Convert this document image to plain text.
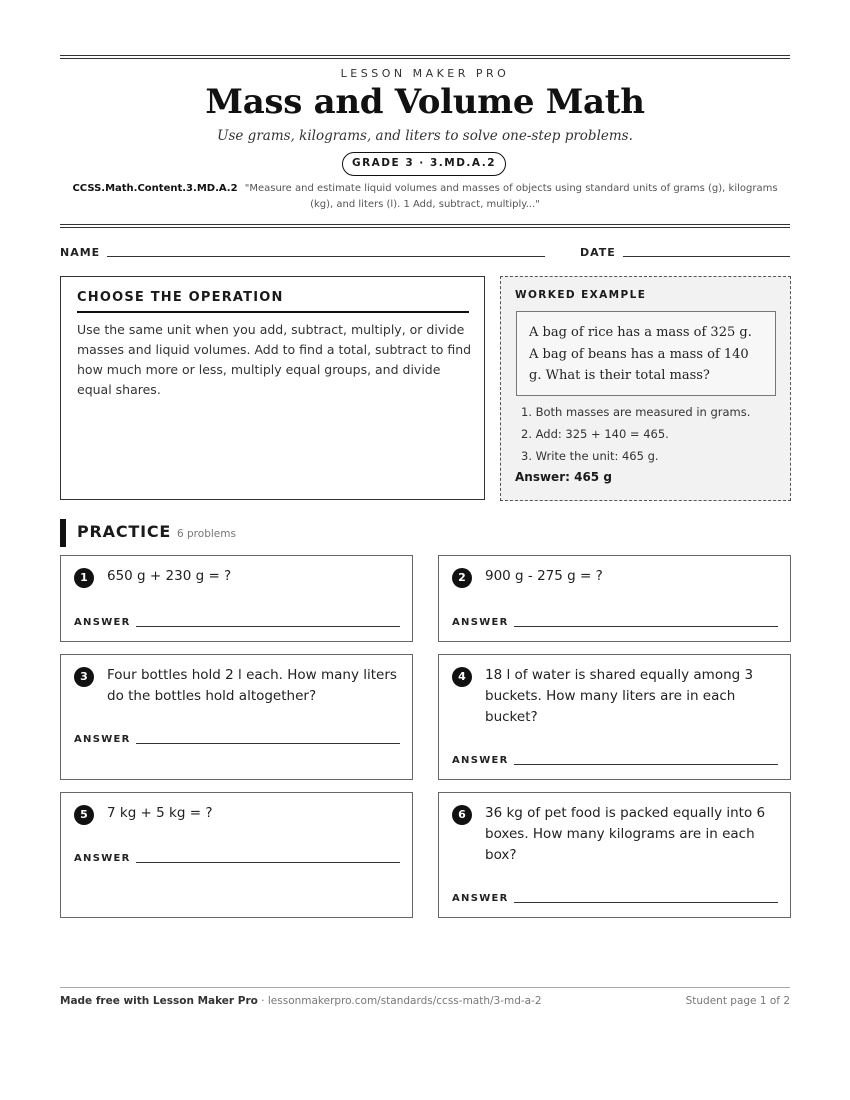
LESSON MAKER PRO
Mass and Volume Math
Use grams, kilograms, and liters to solve one-step problems.
GRADE 3 · 3.MD.A.2
CCSS.Math.Content.3.MD.A.2 "Measure and estimate liquid volumes and masses of objects using standard units of grams (g), kilograms (kg), and liters (l). 1 Add, subtract, multiply..."
NAME	DATE
CHOOSE THE OPERATION
Use the same unit when you add, subtract, multiply, or divide masses and liquid volumes. Add to find a total, subtract to find how much more or less, multiply equal groups, and divide equal shares.
WORKED EXAMPLE
A bag of rice has a mass of 325 g. A bag of beans has a mass of 140 g. What is their total mass?
1. Both masses are measured in grams.
2. Add: 325 + 140 = 465.
3. Write the unit: 465 g.
Answer: 465 g
PRACTICE 6 problems
1	650 g + 230 g = ?
ANSWER
2	900 g - 275 g = ?
ANSWER
3	Four bottles hold 2 l each. How many liters do the bottles hold altogether?
ANSWER
4	18 l of water is shared equally among 3 buckets. How many liters are in each bucket?
ANSWER
5	7 kg + 5 kg = ?
ANSWER
6	36 kg of pet food is packed equally into 6 boxes. How many kilograms are in each box?
ANSWER
Made free with Lesson Maker Pro · lessonmakerpro.com/standards/ccss-math/3-md-a-2	Student page 1 of 2
